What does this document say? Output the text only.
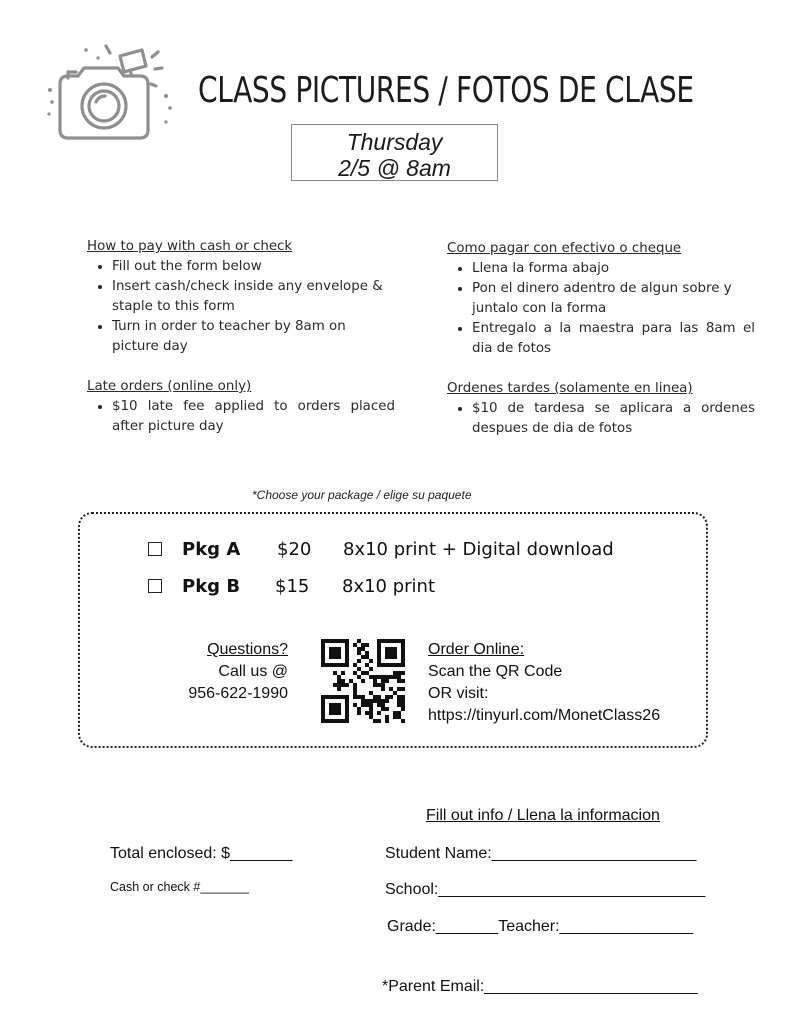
CLASS PICTURES / FOTOS DE CLASE
Thursday
2/5 @ 8am
How to pay with cash or check
• Fill out the form below
• Insert cash/check inside any envelope & staple to this form
• Turn in order to teacher by 8am on picture day
Late orders (online only)
• $10 late fee applied to orders placed after picture day
Como pagar con efectivo o cheque
• Llena la forma abajo
• Pon el dinero adentro de algun sobre y juntalo con la forma
• Entregalo a la maestra para las 8am el dia de fotos
Ordenes tardes (solamente en linea)
• $10 de tardesa se aplicara a ordenes despues de dia de fotos
*Choose your package / elige su paquete
Pkg A $20 8x10 print + Digital download
Pkg B $15 8x10 print
Questions?
Call us @
956-622-1990
Order Online:
Scan the QR Code
OR visit:
https://tinyurl.com/MonetClass26
Fill out info / Llena la informacion
Total enclosed: $_______
Cash or check #_______
Student Name:_______________________
School:______________________________
Grade:_______Teacher:_______________
*Parent Email:________________________
